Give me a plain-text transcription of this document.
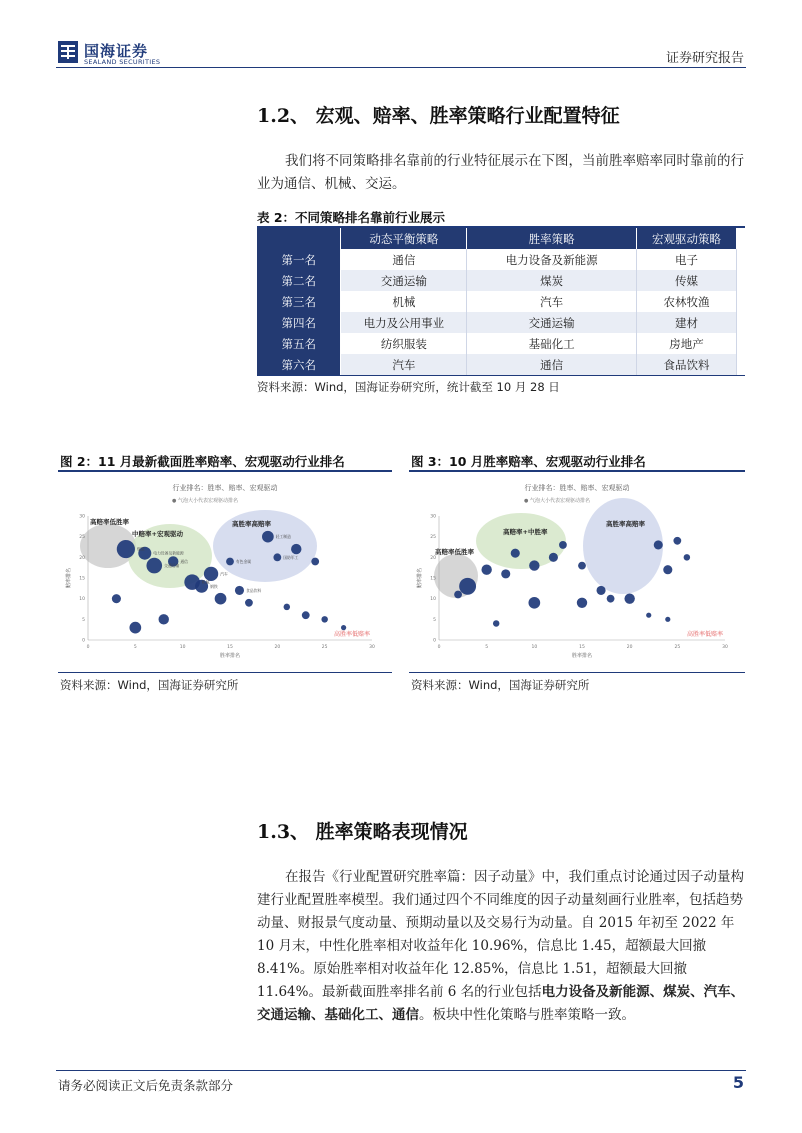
国海证券
SEALAND SECURITIES	证券研究报告
1.2、 宏观、赔率、胜率策略行业配置特征
我们将不同策略排名靠前的行业特征展示在下图，当前胜率赔率同时靠前的行业为通信、机械、交运。
表 2：不同策略排名靠前行业展示
	动态平衡策略	胜率策略	宏观驱动策略
第一名	通信	电力设备及新能源	电子
第二名	交通运输	煤炭	传媒
第三名	机械	汽车	农林牧渔
第四名	电力及公用事业	交通运输	建材
第五名	纺织服装	基础化工	房地产
第六名	汽车	通信	食品饮料
资料来源：Wind，国海证券研究所，统计截至 10 月 28 日
图 2：11 月最新截面胜率赔率、宏观驱动行业排名	图 3：10 月胜率赔率、宏观驱动行业排名
行业排名：胜率、赔率、宏观驱动
● 气泡大小代表宏观驱动排名
高赔率低胜率
中赔率+宏观驱动
高胜率高赔率
0	5	10	15	20	25	30
0
5
10
15
20
25
30
胜率排名
赔率排名
煤炭
电力设备及新能源
交通运输
通信
机械
汽车
钢铁
有色金属
食品饮料
轻工制造
国防军工
高胜率低赔率
行业排名：胜率、赔率、宏观驱动
● 气泡大小代表宏观驱动排名
高赔率低胜率
高赔率+中胜率
高胜率高赔率
0	5	10	15	20	25	30
0
5
10
15
20
25
30
胜率排名
赔率排名
高胜率低赔率
资料来源：Wind，国海证券研究所	资料来源：Wind，国海证券研究所
1.3、 胜率策略表现情况
在报告《行业配置研究胜率篇：因子动量》中，我们重点讨论通过因子动量构建行业配置胜率模型。我们通过四个不同维度的因子动量刻画行业胜率，包括趋势动量、财报景气度动量、预期动量以及交易行为动量。自 2015 年初至 2022 年 10 月末，中性化胜率相对收益年化 10.96%，信息比 1.45，超额最大回撤 8.41%。原始胜率相对收益年化 12.85%，信息比 1.51，超额最大回撤 11.64%。最新截面胜率排名前 6 名的行业包括电力设备及新能源、煤炭、汽车、交通运输、基础化工、通信。板块中性化策略与胜率策略一致。
请务必阅读正文后免责条款部分	5
